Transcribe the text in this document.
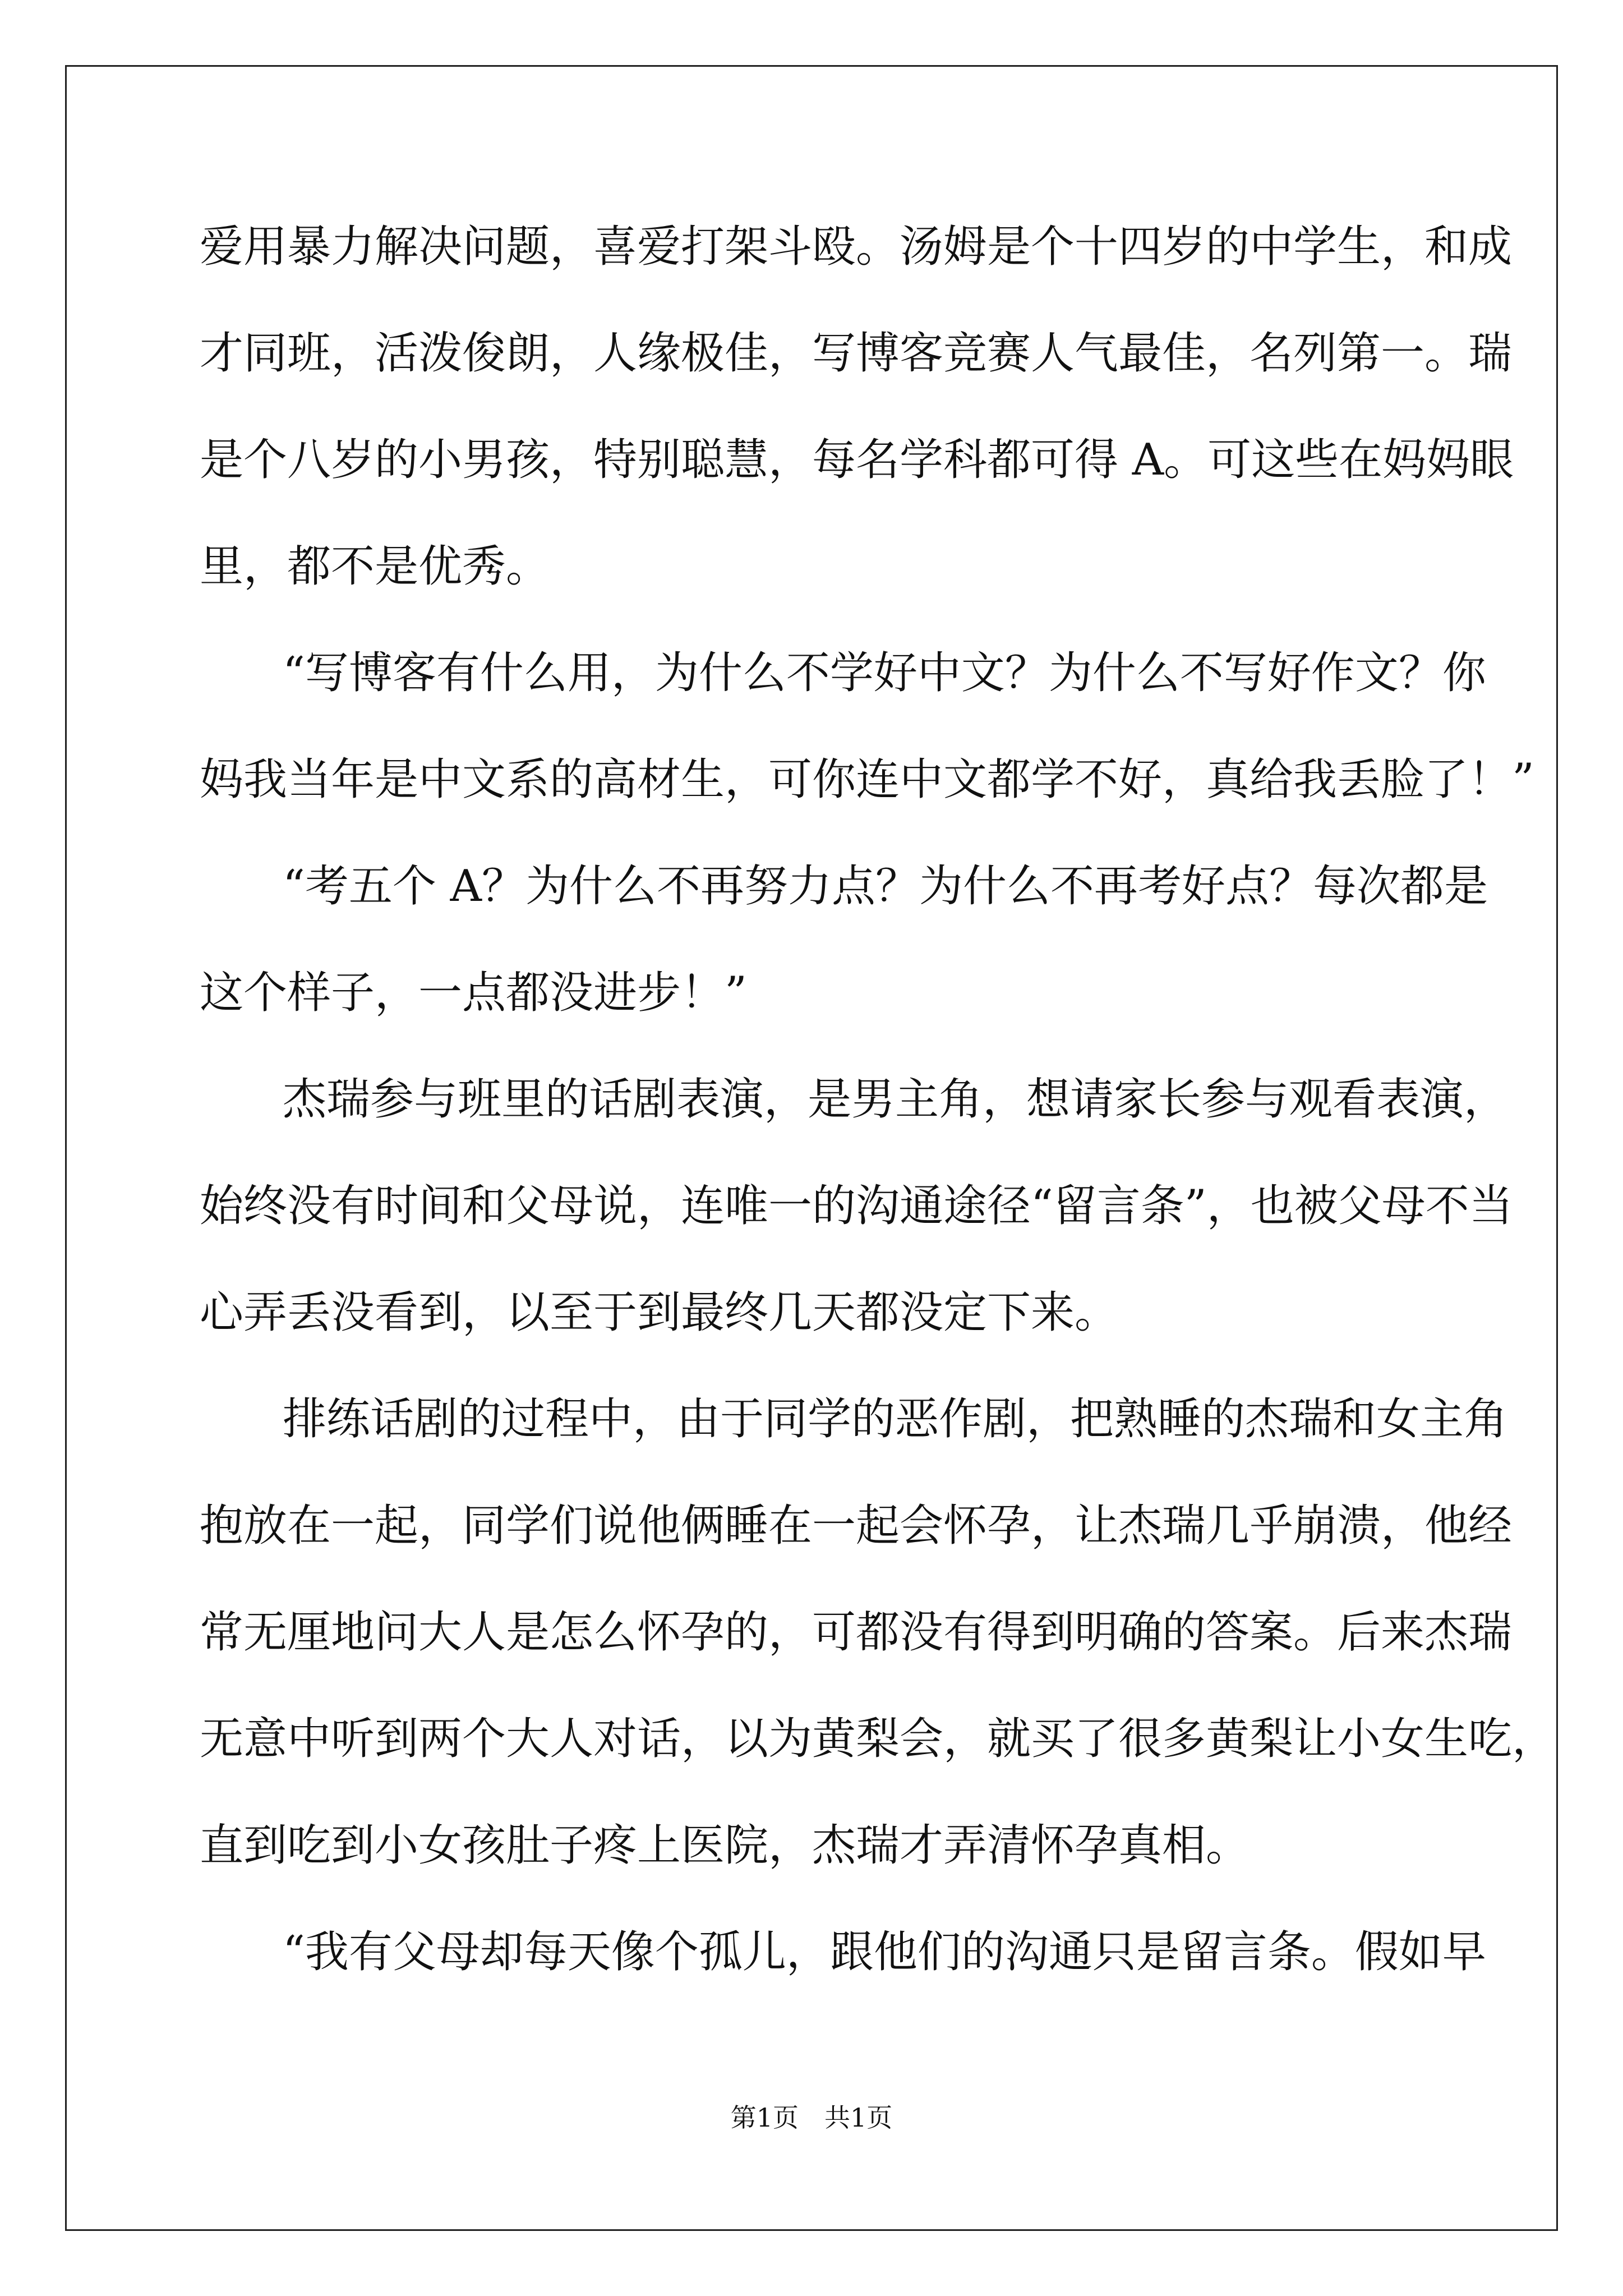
爱用暴力解决问题，喜爱打架斗殴。汤姆是个十四岁的中学生，和成
才同班，活泼俊朗，人缘极佳，写博客竞赛人气最佳，名列第一。瑞
是个八岁的小男孩，特别聪慧，每名学科都可得 A。可这些在妈妈眼
里，都不是优秀。
“写博客有什么用，为什么不学好中文？为什么不写好作文？你
妈我当年是中文系的高材生，可你连中文都学不好，真给我丢脸了！”
“考五个 A？为什么不再努力点？为什么不再考好点？每次都是
这个样子，一点都没进步！”
杰瑞参与班里的话剧表演，是男主角，想请家长参与观看表演，
始终没有时间和父母说，连唯一的沟通途径“留言条”，也被父母不当
心弄丢没看到，以至于到最终几天都没定下来。
排练话剧的过程中，由于同学的恶作剧，把熟睡的杰瑞和女主角
抱放在一起，同学们说他俩睡在一起会怀孕，让杰瑞几乎崩溃，他经
常无厘地问大人是怎么怀孕的，可都没有得到明确的答案。后来杰瑞
无意中听到两个大人对话，以为黄梨会，就买了很多黄梨让小女生吃，
直到吃到小女孩肚子疼上医院，杰瑞才弄清怀孕真相。
“我有父母却每天像个孤儿，跟他们的沟通只是留言条。假如早
第1页　共1页
